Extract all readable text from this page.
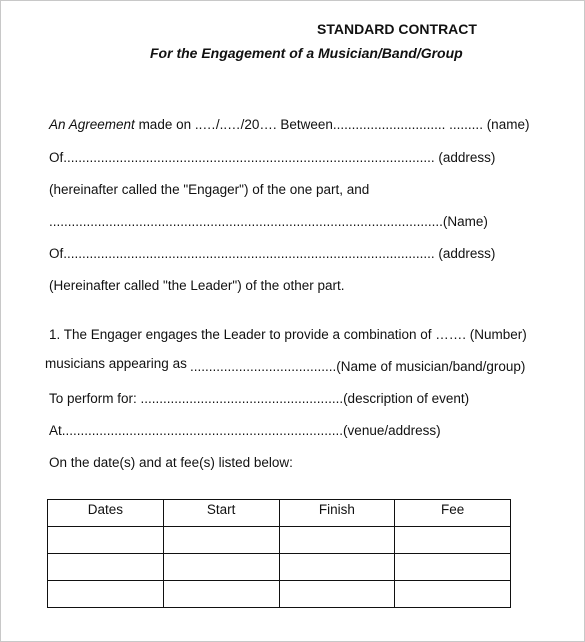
STANDARD CONTRACT
For the Engagement of a Musician/Band/Group
An Agreement made on ..…/..…/20…. Between.............................. ......... (name)
Of................................................................................................... (address)
(hereinafter called the "Engager") of the one part, and
.........................................................................................................(Name)
Of................................................................................................... (address)
(Hereinafter called "the Leader") of the other part.
1. The Engager engages the Leader to provide a combination of ……. (Number)
musicians appearing as .......................................(Name of musician/band/group)
To perform for: ......................................................(description of event)
At...........................................................................(venue/address)
On the date(s) and at fee(s) listed below:
Dates	Start	Finish	Fee
